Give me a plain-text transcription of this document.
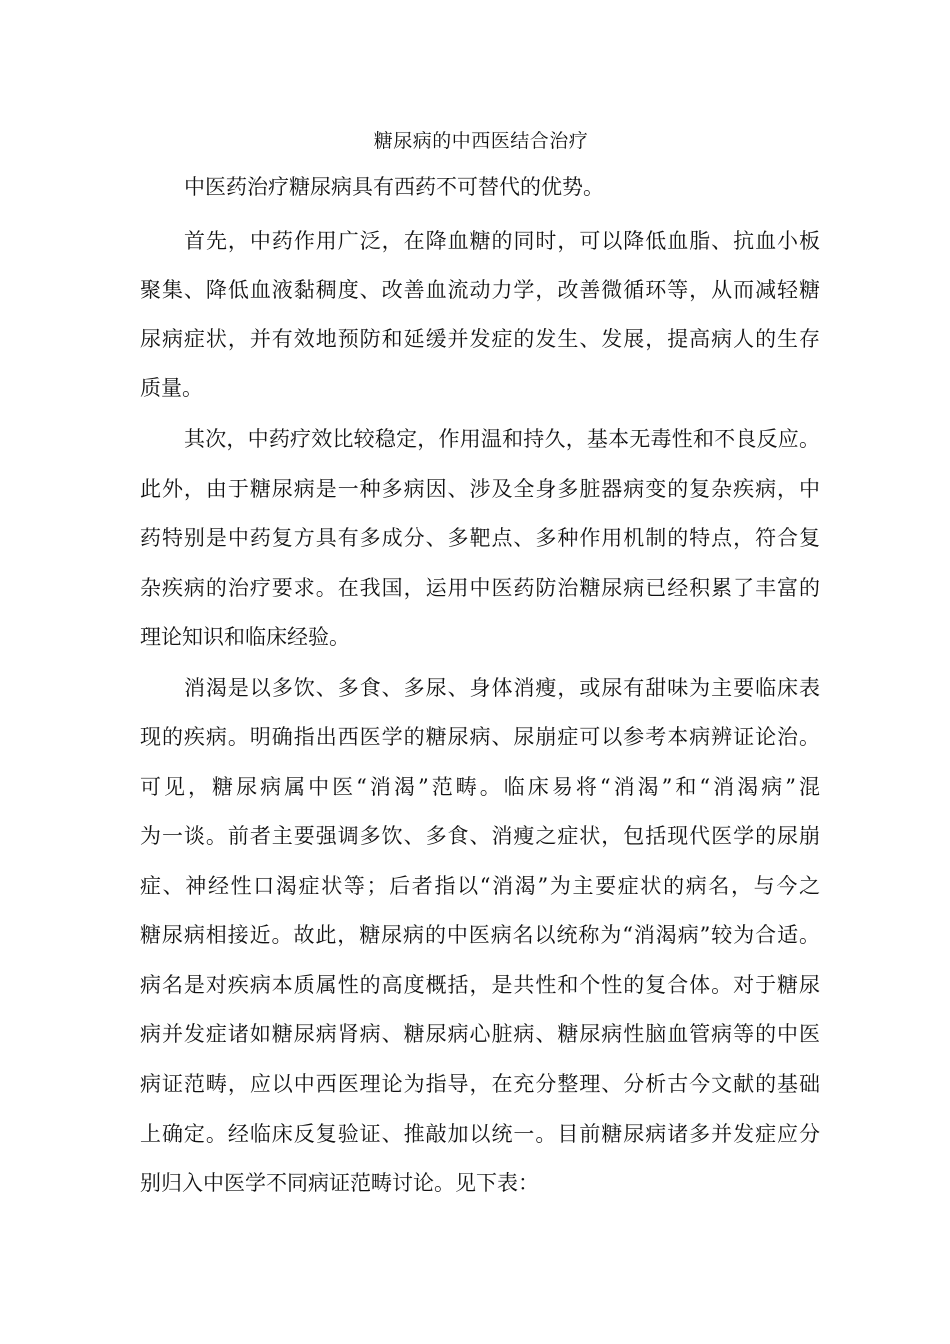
糖尿病的中西医结合治疗
中医药治疗糖尿病具有西药不可替代的优势。
首先，中药作用广泛，在降血糖的同时，可以降低血脂、抗血小板
聚集、降低血液黏稠度、改善血流动力学，改善微循环等，从而减轻糖
尿病症状，并有效地预防和延缓并发症的发生、发展，提高病人的生存
质量。
其次，中药疗效比较稳定，作用温和持久，基本无毒性和不良反应。
此外，由于糖尿病是一种多病因、涉及全身多脏器病变的复杂疾病，中
药特别是中药复方具有多成分、多靶点、多种作用机制的特点，符合复
杂疾病的治疗要求。在我国，运用中医药防治糖尿病已经积累了丰富的
理论知识和临床经验。
消渴是以多饮、多食、多尿、身体消瘦，或尿有甜味为主要临床表
现的疾病。明确指出西医学的糖尿病、尿崩症可以参考本病辨证论治。
可见，糖尿病属中医“消渴”范畴。临床易将“消渴”和“消渴病”混
为一谈。前者主要强调多饮、多食、消瘦之症状，包括现代医学的尿崩
症、神经性口渴症状等；后者指以“消渴”为主要症状的病名，与今之
糖尿病相接近。故此，糖尿病的中医病名以统称为“消渴病”较为合适。
病名是对疾病本质属性的高度概括，是共性和个性的复合体。对于糖尿
病并发症诸如糖尿病肾病、糖尿病心脏病、糖尿病性脑血管病等的中医
病证范畴，应以中西医理论为指导，在充分整理、分析古今文献的基础
上确定。经临床反复验证、推敲加以统一。目前糖尿病诸多并发症应分
别归入中医学不同病证范畴讨论。见下表：
